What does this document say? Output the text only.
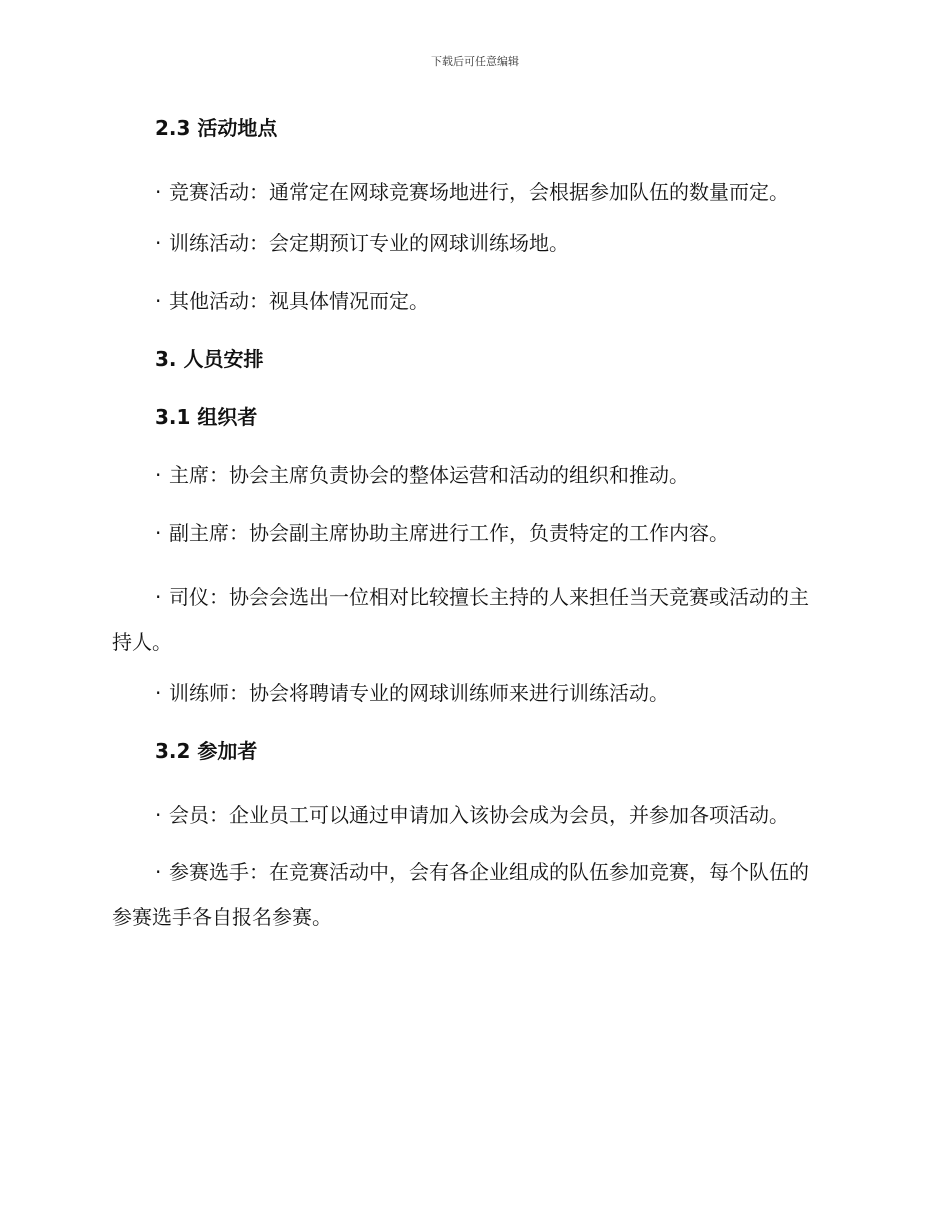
下载后可任意编辑
2.3 活动地点

· 竞赛活动：通常定在网球竞赛场地进行，会根据参加队伍的数量而定。

· 训练活动：会定期预订专业的网球训练场地。

· 其他活动：视具体情况而定。

3. 人员安排
3.1 组织者

· 主席：协会主席负责协会的整体运营和活动的组织和推动。

· 副主席：协会副主席协助主席进行工作，负责特定的工作内容。

· 司仪：协会会选出一位相对比较擅长主持的人来担任当天竞赛或活动的主持人。

· 训练师：协会将聘请专业的网球训练师来进行训练活动。

3.2 参加者

· 会员：企业员工可以通过申请加入该协会成为会员，并参加各项活动。

· 参赛选手：在竞赛活动中，会有各企业组成的队伍参加竞赛，每个队伍的参赛选手各自报名参赛。
